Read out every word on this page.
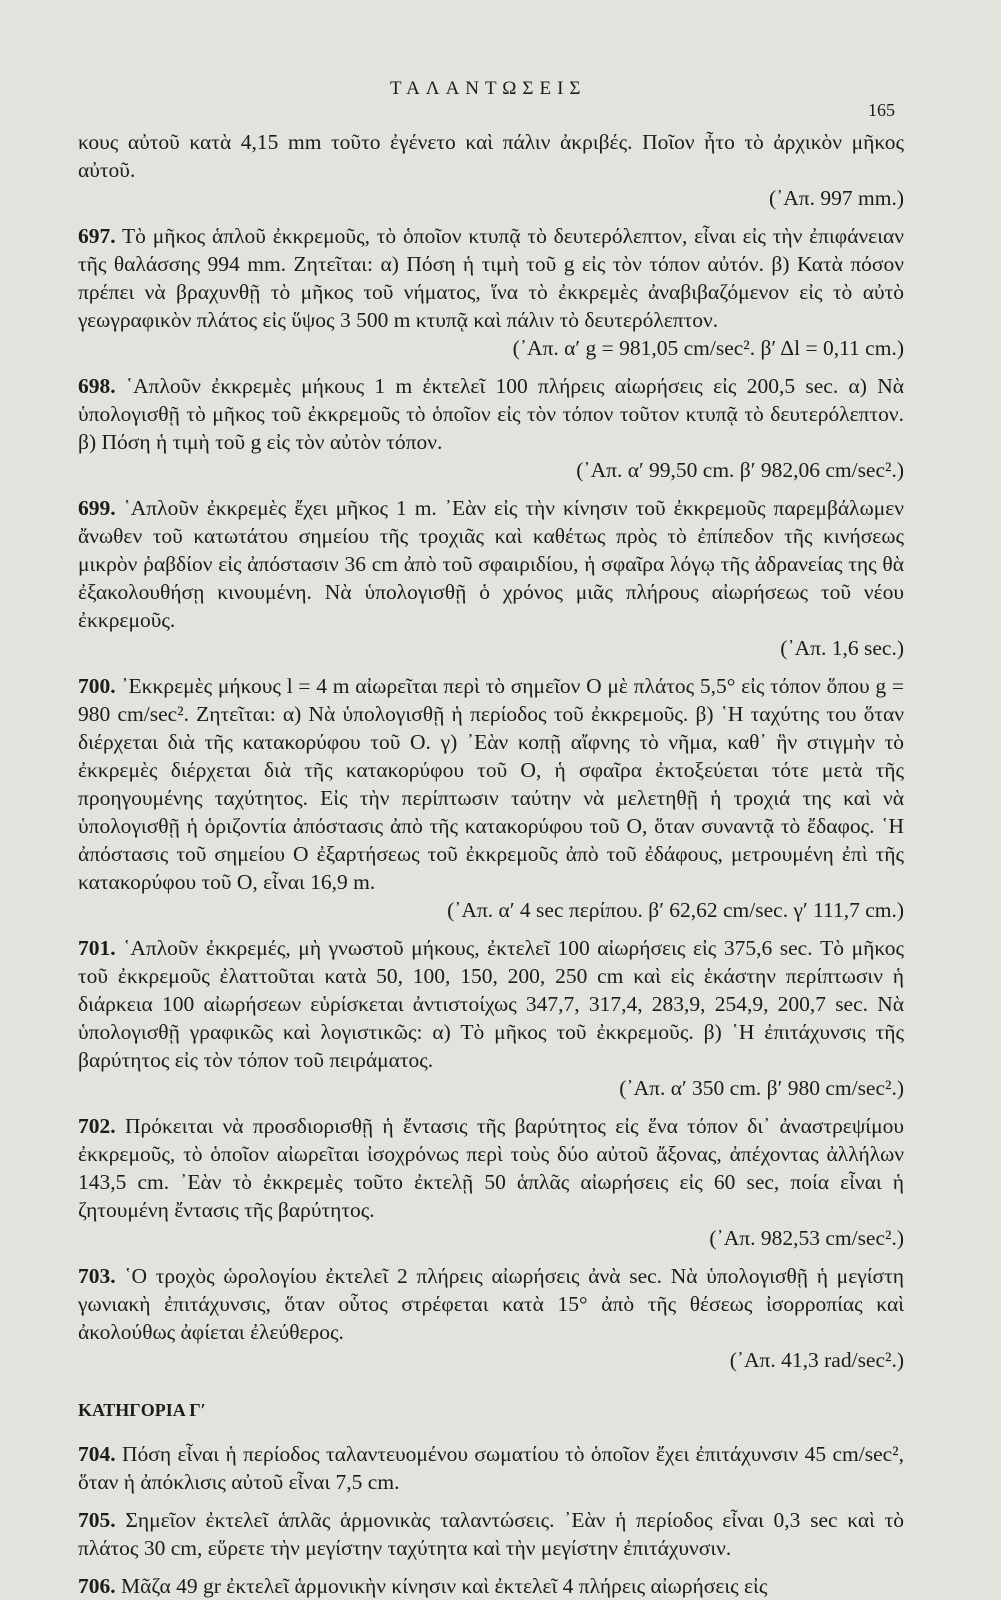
ΤΑΛΑΝΤΩΣΕΙΣ
165

κους αὐτοῦ κατὰ 4,15 mm τοῦτο ἐγένετο καὶ πάλιν ἀκριβές. Ποῖον ἦτο τὸ ἀρχικὸν μῆκος αὐτοῦ.
(᾽Απ. 997 mm.)

697. Τὸ μῆκος ἁπλοῦ ἐκκρεμοῦς, τὸ ὁποῖον κτυπᾷ τὸ δευτερόλεπτον, εἶναι εἰς τὴν ἐπιφάνειαν τῆς θαλάσσης 994 mm. Ζητεῖται: α) Πόση ἡ τιμὴ τοῦ g εἰς τὸν τόπον αὐτόν. β) Κατὰ πόσον πρέπει νὰ βραχυνθῇ τὸ μῆκος τοῦ νήματος, ἵνα τὸ ἐκκρεμὲς ἀναβιβαζόμενον εἰς τὸ αὐτὸ γεωγραφικὸν πλάτος εἰς ὕψος 3 500 m κτυπᾷ καὶ πάλιν τὸ δευτερόλεπτον.
(᾽Απ. α′ g = 981,05 cm/sec². β′ Δl = 0,11 cm.)

698. ῾Απλοῦν ἐκκρεμὲς μήκους 1 m ἐκτελεῖ 100 πλήρεις αἰωρήσεις εἰς 200,5 sec. α) Νὰ ὑπολογισθῇ τὸ μῆκος τοῦ ἐκκρεμοῦς τὸ ὁποῖον εἰς τὸν τόπον τοῦτον κτυπᾷ τὸ δευτερόλεπτον. β) Πόση ἡ τιμὴ τοῦ g εἰς τὸν αὐτὸν τόπον.
(᾽Απ. α′ 99,50 cm. β′ 982,06 cm/sec².)

699. ῾Απλοῦν ἐκκρεμὲς ἔχει μῆκος 1 m. ᾽Εὰν εἰς τὴν κίνησιν τοῦ ἐκκρεμοῦς παρεμβάλωμεν ἄνωθεν τοῦ κατωτάτου σημείου τῆς τροχιᾶς καὶ καθέτως πρὸς τὸ ἐπίπεδον τῆς κινήσεως μικρὸν ῥαβδίον εἰς ἀπόστασιν 36 cm ἀπὸ τοῦ σφαιριδίου, ἡ σφαῖρα λόγῳ τῆς ἀδρανείας της θὰ ἐξακολουθήσῃ κινουμένη. Νὰ ὑπολογισθῇ ὁ χρόνος μιᾶς πλήρους αἰωρήσεως τοῦ νέου ἐκκρεμοῦς.
(᾽Απ. 1,6 sec.)

700. ᾽Εκκρεμὲς μήκους l = 4 m αἰωρεῖται περὶ τὸ σημεῖον O μὲ πλάτος 5,5° εἰς τόπον ὅπου g = 980 cm/sec². Ζητεῖται: α) Νὰ ὑπολογισθῇ ἡ περίοδος τοῦ ἐκκρεμοῦς. β) ῾Η ταχύτης του ὅταν διέρχεται διὰ τῆς κατακορύφου τοῦ O. γ) ᾽Εὰν κοπῇ αἴφνης τὸ νῆμα, καθ᾽ ἣν στιγμὴν τὸ ἐκκρεμὲς διέρχεται διὰ τῆς κατακορύφου τοῦ O, ἡ σφαῖρα ἐκτοξεύεται τότε μετὰ τῆς προηγουμένης ταχύτητος. Εἰς τὴν περίπτωσιν ταύτην νὰ μελετηθῇ ἡ τροχιά της καὶ νὰ ὑπολογισθῇ ἡ ὁριζοντία ἀπόστασις ἀπὸ τῆς κατακορύφου τοῦ O, ὅταν συναντᾷ τὸ ἔδαφος. ῾Η ἀπόστασις τοῦ σημείου O ἐξαρτήσεως τοῦ ἐκκρεμοῦς ἀπὸ τοῦ ἐδάφους, μετρουμένη ἐπὶ τῆς κατακορύφου τοῦ O, εἶναι 16,9 m.
(᾽Απ. α′ 4 sec περίπου. β′ 62,62 cm/sec. γ′ 111,7 cm.)

701. ῾Απλοῦν ἐκκρεμές, μὴ γνωστοῦ μήκους, ἐκτελεῖ 100 αἰωρήσεις εἰς 375,6 sec. Τὸ μῆκος τοῦ ἐκκρεμοῦς ἐλαττοῦται κατὰ 50, 100, 150, 200, 250 cm καὶ εἰς ἑκάστην περίπτωσιν ἡ διάρκεια 100 αἰωρήσεων εὑρίσκεται ἀντιστοίχως 347,7, 317,4, 283,9, 254,9, 200,7 sec. Νὰ ὑπολογισθῇ γραφικῶς καὶ λογιστικῶς: α) Τὸ μῆκος τοῦ ἐκκρεμοῦς. β) ῾Η ἐπιτάχυνσις τῆς βαρύτητος εἰς τὸν τόπον τοῦ πειράματος.
(᾽Απ. α′ 350 cm. β′ 980 cm/sec².)

702. Πρόκειται νὰ προσδιορισθῇ ἡ ἔντασις τῆς βαρύτητος εἰς ἕνα τόπον δι᾽ ἀναστρεψίμου ἐκκρεμοῦς, τὸ ὁποῖον αἰωρεῖται ἰσοχρόνως περὶ τοὺς δύο αὐτοῦ ἄξονας, ἀπέχοντας ἀλλήλων 143,5 cm. ᾽Εὰν τὸ ἐκκρεμὲς τοῦτο ἐκτελῇ 50 ἁπλᾶς αἰωρήσεις εἰς 60 sec, ποία εἶναι ἡ ζητουμένη ἔντασις τῆς βαρύτητος.
(᾽Απ. 982,53 cm/sec².)

703. ῾Ο τροχὸς ὡρολογίου ἐκτελεῖ 2 πλήρεις αἰωρήσεις ἀνὰ sec. Νὰ ὑπολογισθῇ ἡ μεγίστη γωνιακὴ ἐπιτάχυνσις, ὅταν οὗτος στρέφεται κατὰ 15° ἀπὸ τῆς θέσεως ἰσορροπίας καὶ ἀκολούθως ἀφίεται ἐλεύθερος.
(᾽Απ. 41,3 rad/sec².)

ΚΑΤΗΓΟΡΙΑ Γ′

704. Πόση εἶναι ἡ περίοδος ταλαντευομένου σωματίου τὸ ὁποῖον ἔχει ἐπιτάχυνσιν 45 cm/sec², ὅταν ἡ ἀπόκλισις αὐτοῦ εἶναι 7,5 cm.

705. Σημεῖον ἐκτελεῖ ἁπλᾶς ἁρμονικὰς ταλαντώσεις. ᾽Εὰν ἡ περίοδος εἶναι 0,3 sec καὶ τὸ πλάτος 30 cm, εὕρετε τὴν μεγίστην ταχύτητα καὶ τὴν μεγίστην ἐπιτάχυνσιν.

706. Μᾶζα 49 gr ἐκτελεῖ ἁρμονικὴν κίνησιν καὶ ἐκτελεῖ 4 πλήρεις αἰωρήσεις εἰς
